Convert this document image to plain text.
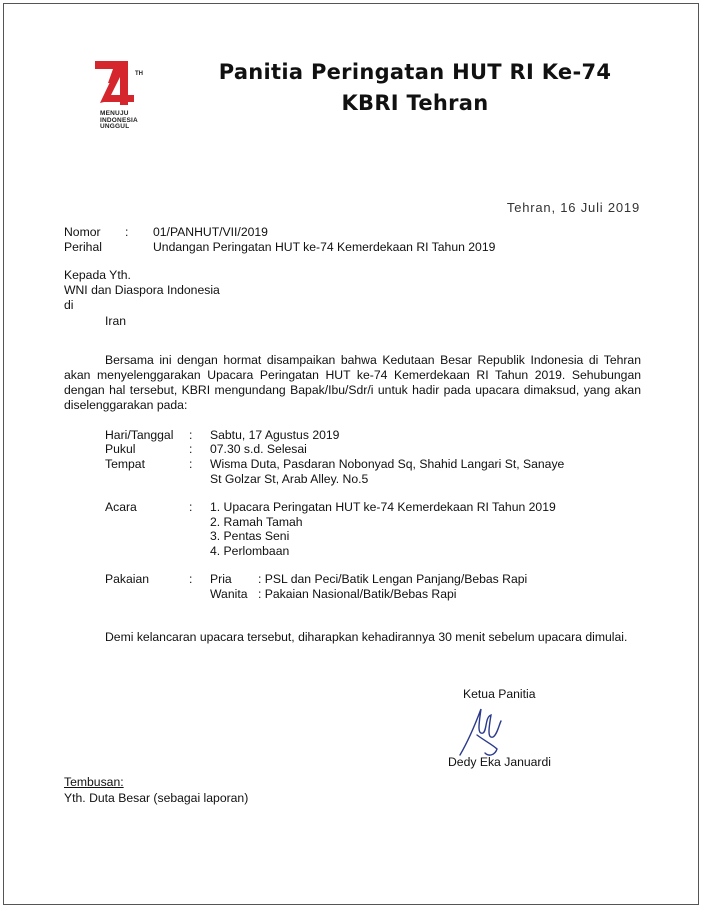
TH
MENUJU
INDONESIA
UNGGUL
Panitia Peringatan HUT RI Ke-74
KBRI Tehran
Tehran, 16 Juli 2019
Nomor : 01/PANHUT/VII/2019
Perihal	Undangan Peringatan HUT ke-74 Kemerdekaan RI Tahun 2019
Kepada Yth.
WNI dan Diaspora Indonesia
di
Iran
Bersama ini dengan hormat disampaikan bahwa Kedutaan Besar Republik Indonesia di Tehran akan menyelenggarakan Upacara Peringatan HUT ke-74 Kemerdekaan RI Tahun 2019. Sehubungan dengan hal tersebut, KBRI mengundang Bapak/Ibu/Sdr/i untuk hadir pada upacara dimaksud, yang akan diselenggarakan pada:
Hari/Tanggal : Sabtu, 17 Agustus 2019
Pukul	: 07.30 s.d. Selesai
Tempat	: Wisma Duta, Pasdaran Nobonyad Sq, Shahid Langari St, Sanaye
St Golzar St, Arab Alley. No.5
Acara	: 1. Upacara Peringatan HUT ke-74 Kemerdekaan RI Tahun 2019
2. Ramah Tamah
3. Pentas Seni
4. Perlombaan
Pakaian	: Pria : PSL dan Peci/Batik Lengan Panjang/Bebas Rapi
Wanita : Pakaian Nasional/Batik/Bebas Rapi
Demi kelancaran upacara tersebut, diharapkan kehadirannya 30 menit sebelum upacara dimulai.
Ketua Panitia
Dedy Eka Januardi
Tembusan:
Yth. Duta Besar (sebagai laporan)
